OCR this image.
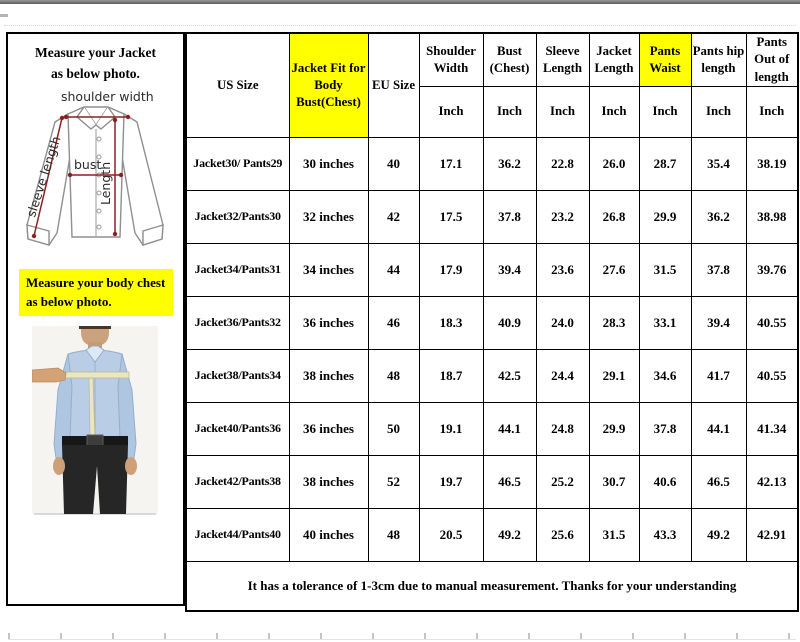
Measure your Jacket
as below photo.
shoulder width
bust
Length
sleeve length
Measure your body chest
as below photo.
US Size	Jacket Fit for Body Bust(Chest)	EU Size	Shoulder Width	Bust (Chest)	Sleeve Length	Jacket Length	Pants Waist	Pants hip length	Pants Out of length
			Inch	Inch	Inch	Inch	Inch	Inch	Inch
Jacket30/ Pants29	30 inches	40	17.1	36.2	22.8	26.0	28.7	35.4	38.19
Jacket32/Pants30	32 inches	42	17.5	37.8	23.2	26.8	29.9	36.2	38.98
Jacket34/Pants31	34 inches	44	17.9	39.4	23.6	27.6	31.5	37.8	39.76
Jacket36/Pants32	36 inches	46	18.3	40.9	24.0	28.3	33.1	39.4	40.55
Jacket38/Pants34	38 inches	48	18.7	42.5	24.4	29.1	34.6	41.7	40.55
Jacket40/Pants36	36 inches	50	19.1	44.1	24.8	29.9	37.8	44.1	41.34
Jacket42/Pants38	38 inches	52	19.7	46.5	25.2	30.7	40.6	46.5	42.13
Jacket44/Pants40	40 inches	48	20.5	49.2	25.6	31.5	43.3	49.2	42.91
It has a tolerance of 1-3cm due to manual measurement. Thanks for your understanding									
